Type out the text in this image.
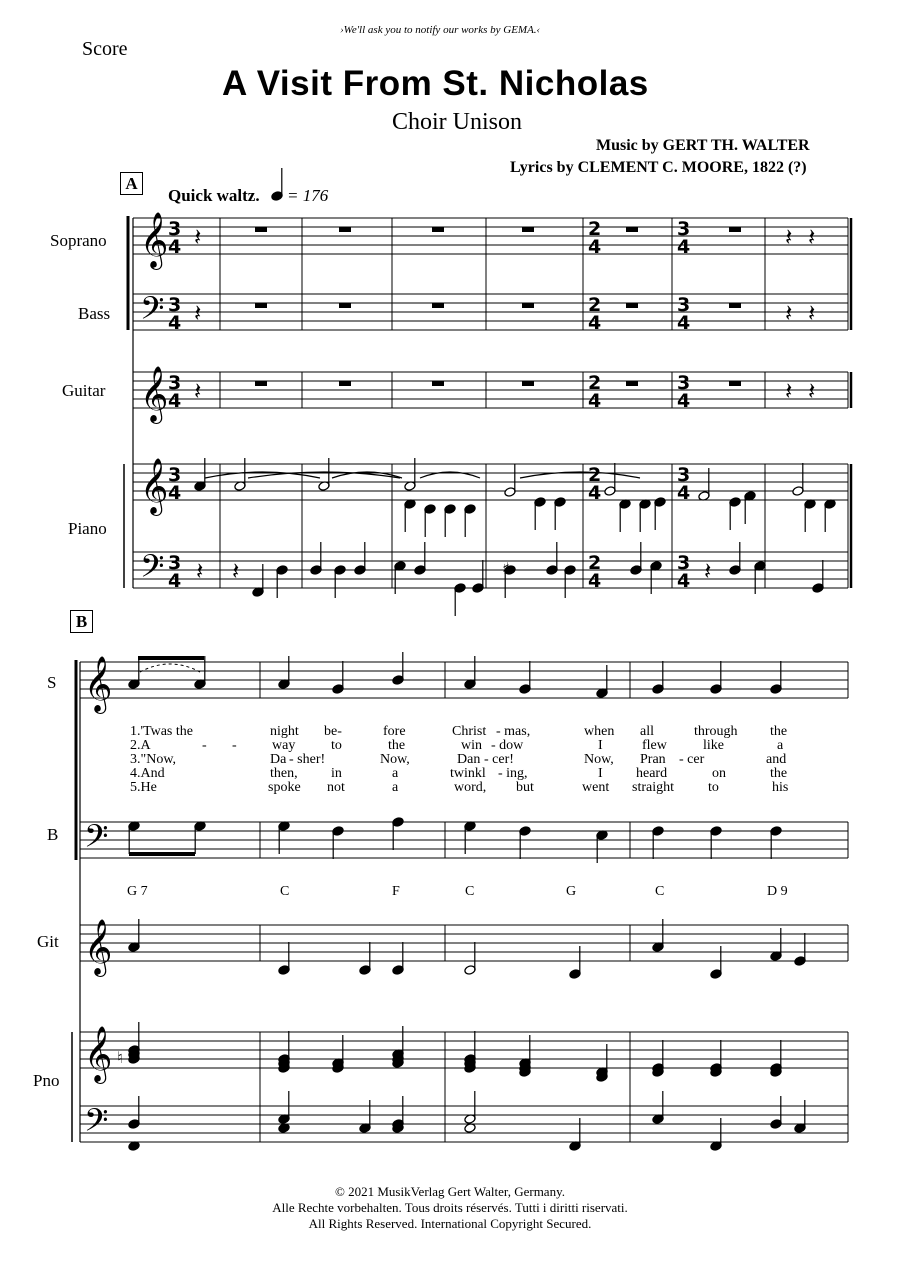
›We'll ask you to notify our works by GEMA.‹
Score
A Visit From St. Nicholas
Choir Unison
Music by GERT TH. WALTER
Lyrics by CLEMENT C. MOORE, 1822 (?)
A
Quick waltz. = 176
Soprano
Bass
Guitar
Piano
B
S
B
Git
Pno
G 7	C	F	C	G	C	D 9
1.'Twas the	night be-	fore	Christ - mas,	when all	through the
2.A	- -	way	to	the	win - dow	I	flew	like	a
3."Now,	Da - sher!	Now,	Dan - cer!	Now, Pran - cer	and
4.And	then, in	a	twinkl - ing,	I heard	on	the
5.He	spoke not	a	word, but	went straight to	his
© 2021 MusikVerlag Gert Walter, Germany.
Alle Rechte vorbehalten. Tous droits réservés. Tutti i diritti riservati.
All Rights Reserved. International Copyright Secured.
𝄞
𝄢
𝄞
𝄞
𝄢
3
4
3
4
3
4
3
4
3
4
2
4
3
4
2
4
3
4
2
4
3
4
2
4
3
4
2
4
3
4
𝄽	𝄽 𝄽
𝄽	𝄽 𝄽
𝄽	𝄽 𝄽
𝄽 𝄽	♯	𝄽
𝄞
𝄢
𝄞
𝄞
𝄢
♮
